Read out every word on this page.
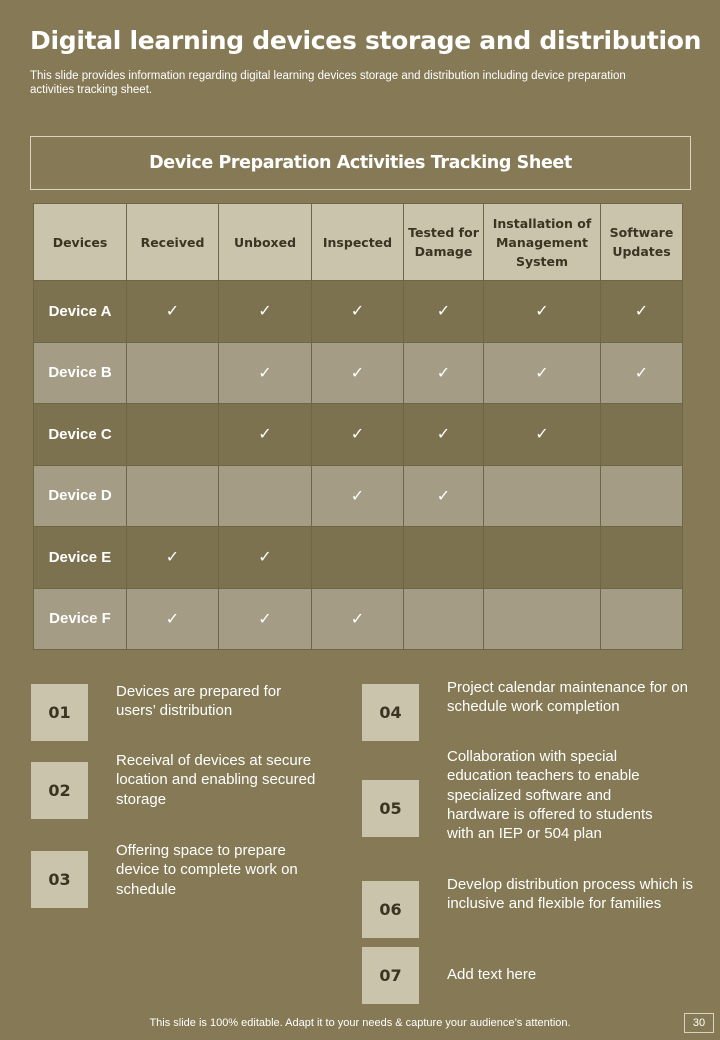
Digital learning devices storage and distribution
This slide provides information regarding digital learning devices storage and distribution including device preparation activities tracking sheet.
Device Preparation Activities Tracking Sheet
Devices	Received	Unboxed	Inspected	Tested for Damage	Installation of Management System	Software Updates
Device A	✓	✓	✓	✓	✓	✓
Device B		✓	✓	✓	✓	✓
Device C		✓	✓	✓	✓	
Device D			✓	✓		
Device E	✓	✓				
Device F	✓	✓	✓			
01
Devices are prepared for users’ distribution
02
Receival of devices at secure location and enabling secured storage
03
Offering space to prepare device to complete work on schedule
04
Project calendar maintenance for on schedule work completion
05
Collaboration with special education teachers to enable specialized software and hardware is offered to students with an IEP or 504 plan
06
Develop distribution process which is inclusive and flexible for families
07	Add text here
This slide is 100% editable. Adapt it to your needs & capture your audience’s attention.	30
